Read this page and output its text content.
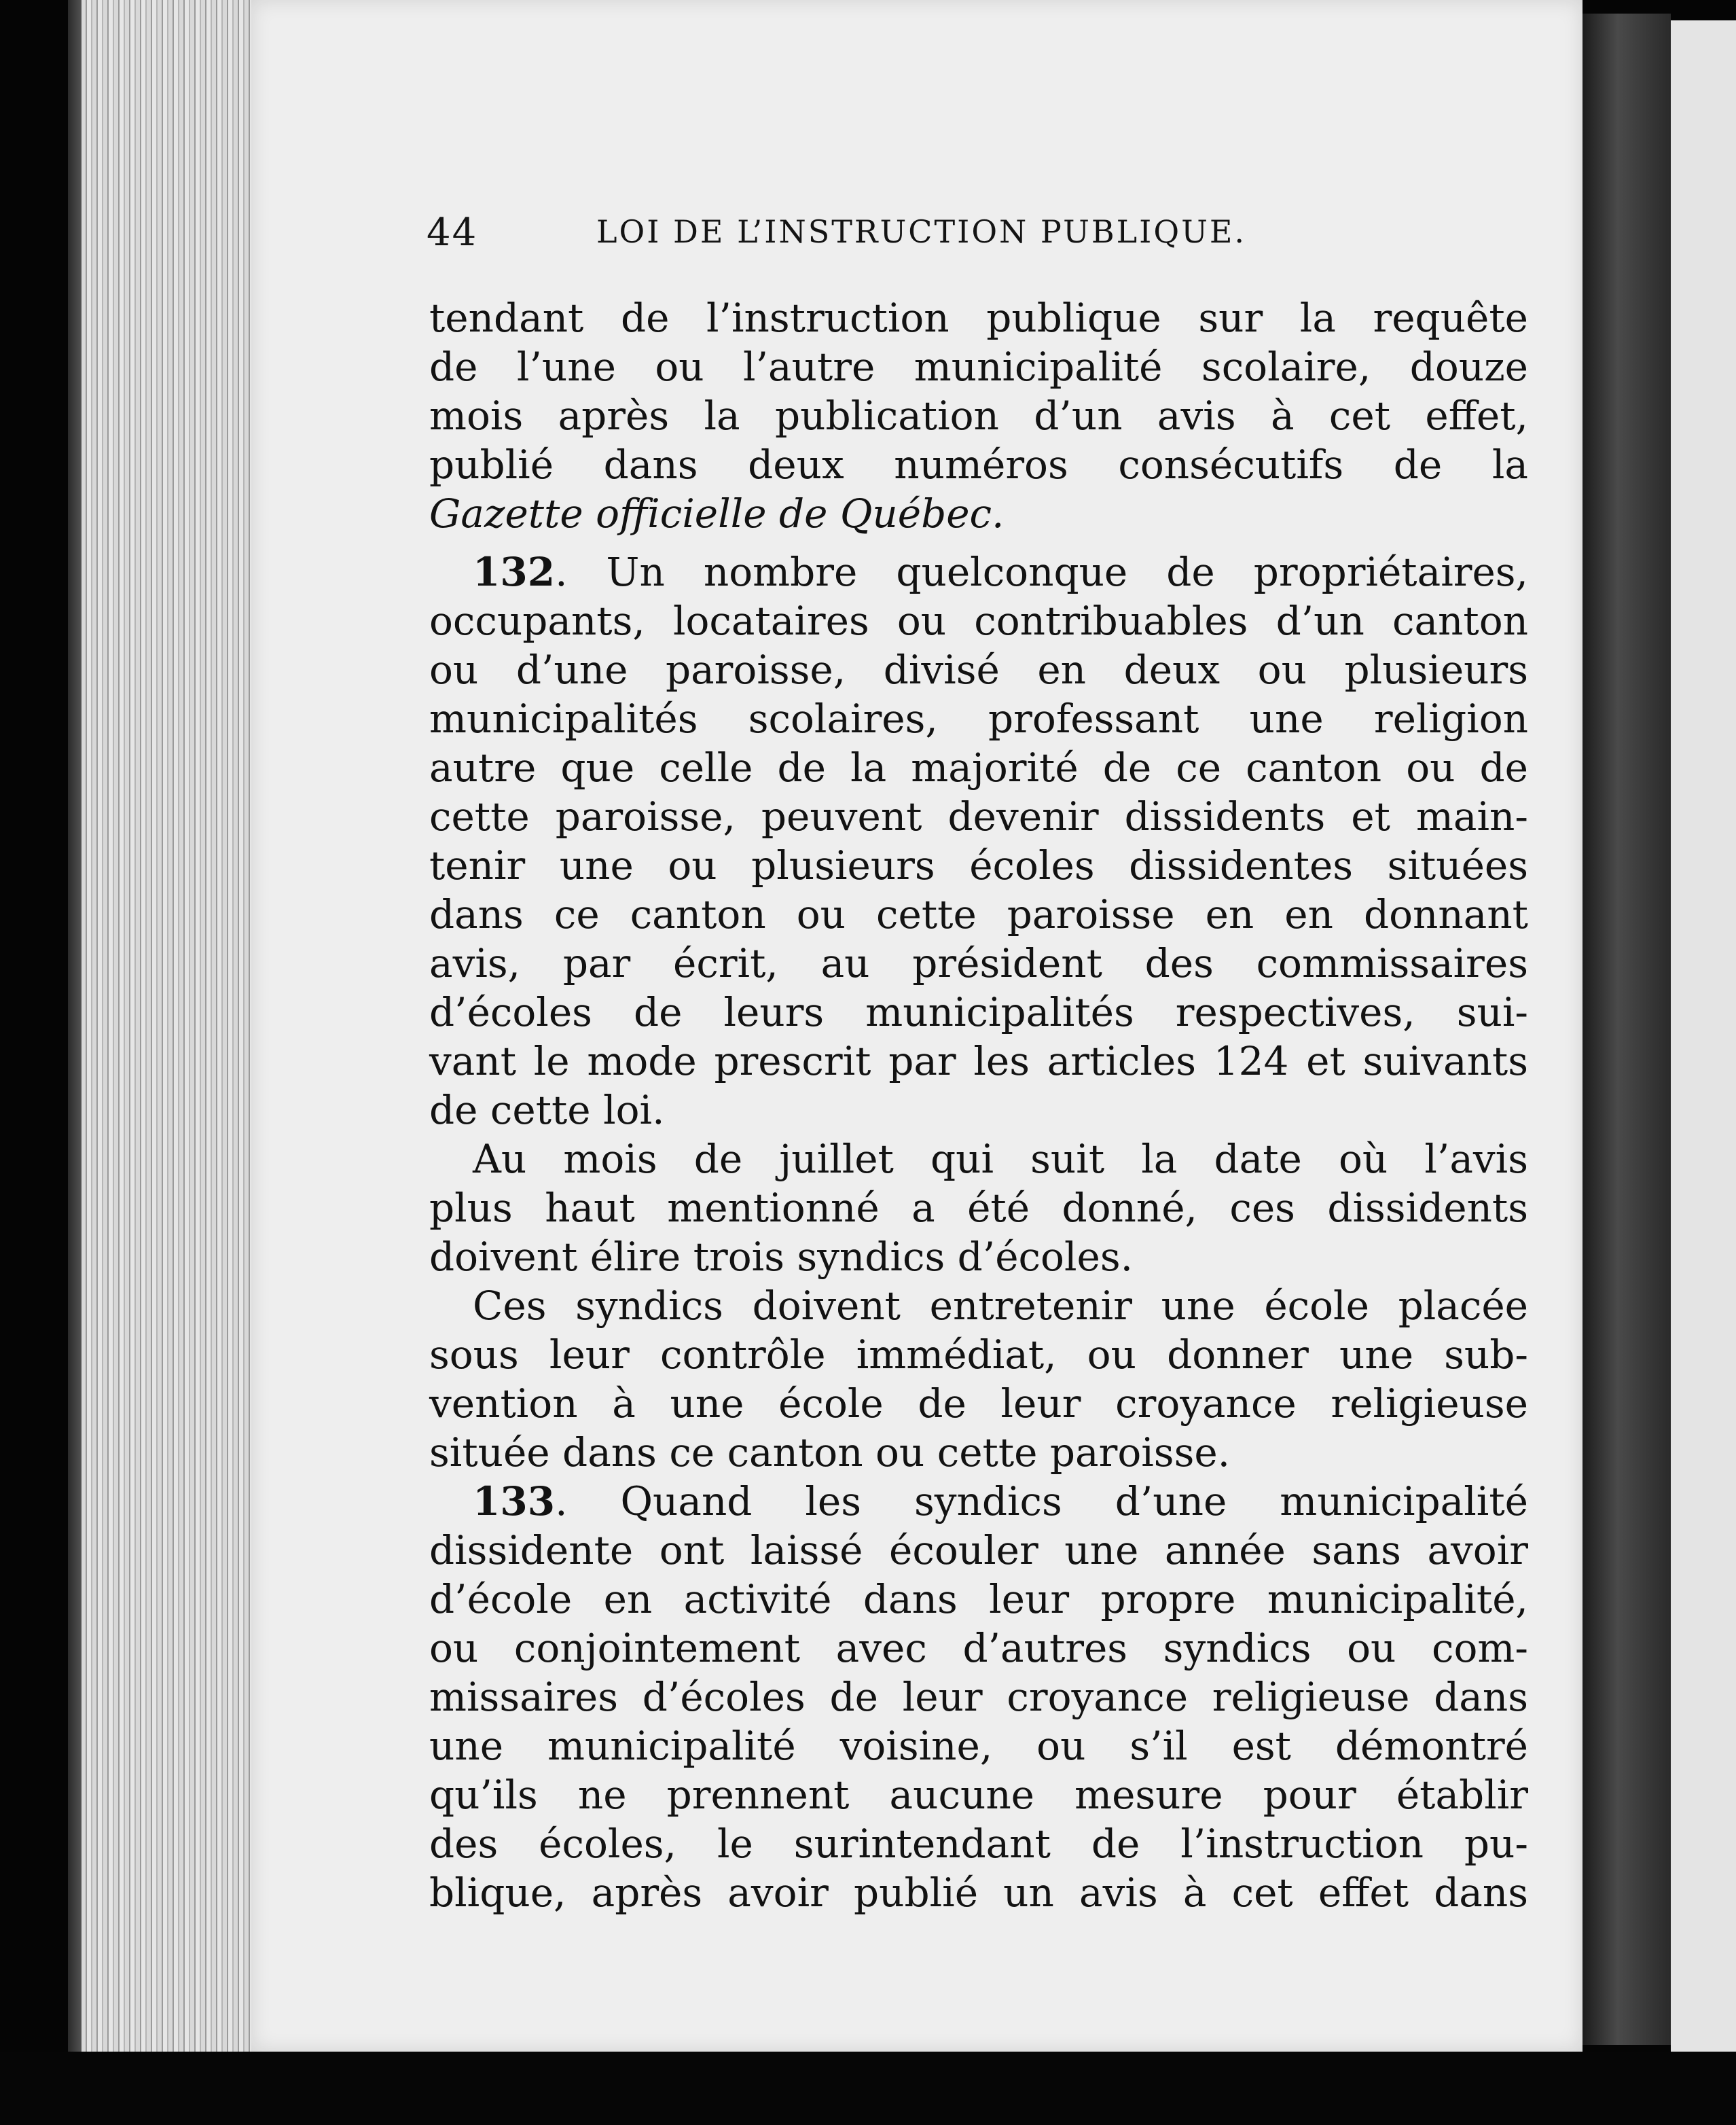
44	LOI DE L’INSTRUCTION PUBLIQUE.
tendant de l’instruction publique sur la requête
de l’une ou l’autre municipalité scolaire, douze
mois après la publication d’un avis à cet effet,
publié dans deux numéros consécutifs de la
Gazette officielle de Québec.
132. Un nombre quelconque de propriétaires,
occupants, locataires ou contribuables d’un canton
ou d’une paroisse, divisé en deux ou plusieurs
municipalités scolaires, professant une religion
autre que celle de la majorité de ce canton ou de
cette paroisse, peuvent devenir dissidents et main-
tenir une ou plusieurs écoles dissidentes situées
dans ce canton ou cette paroisse en en donnant
avis, par écrit, au président des commissaires
d’écoles de leurs municipalités respectives, sui-
vant le mode prescrit par les articles 124 et suivants
de cette loi.
Au mois de juillet qui suit la date où l’avis
plus haut mentionné a été donné, ces dissidents
doivent élire trois syndics d’écoles.
Ces syndics doivent entretenir une école placée
sous leur contrôle immédiat, ou donner une sub-
vention à une école de leur croyance religieuse
située dans ce canton ou cette paroisse.
133. Quand les syndics d’une municipalité
dissidente ont laissé écouler une année sans avoir
d’école en activité dans leur propre municipalité,
ou conjointement avec d’autres syndics ou com-
missaires d’écoles de leur croyance religieuse dans
une municipalité voisine, ou s’il est démontré
qu’ils ne prennent aucune mesure pour établir
des écoles, le surintendant de l’instruction pu-
blique, après avoir publié un avis à cet effet dans
